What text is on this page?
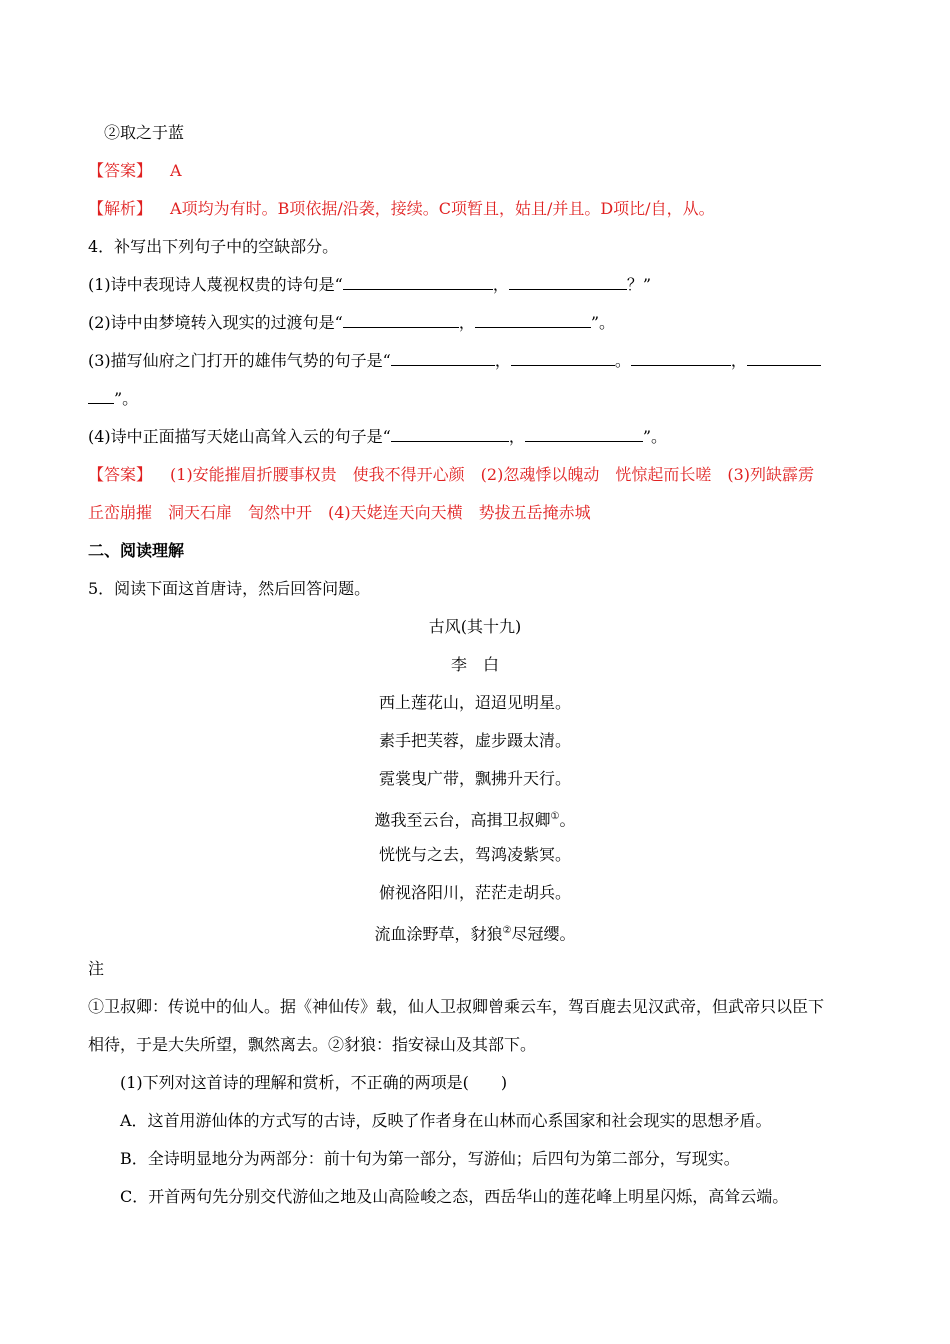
②取之于蓝
【答案】 A
【解析】 A项均为有时。B项依据/沿袭，接续。C项暂且，姑且/并且。D项比/自，从。
4．补写出下列句子中的空缺部分。
(1)诗中表现诗人蔑视权贵的诗句是“	，	？”
(2)诗中由梦境转入现实的过渡句是“	，	”。
(3)描写仙府之门打开的雄伟气势的句子是“	，	。	，
”。
(4)诗中正面描写天姥山高耸入云的句子是“	，	”。
【答案】 (1)安能摧眉折腰事权贵　使我不得开心颜　(2)忽魂悸以魄动　恍惊起而长嗟　(3)列缺霹雳
丘峦崩摧　洞天石扉　訇然中开　(4)天姥连天向天横　势拔五岳掩赤城
二、阅读理解
5．阅读下面这首唐诗，然后回答问题。
古风(其十九)
李　白
西上莲花山，迢迢见明星。
素手把芙蓉，虚步蹑太清。
霓裳曳广带，飘拂升天行。
邀我至云台，高揖卫叔卿①。
恍恍与之去，驾鸿凌紫冥。
俯视洛阳川，茫茫走胡兵。
流血涂野草，豺狼②尽冠缨。
注
①卫叔卿：传说中的仙人。据《神仙传》载，仙人卫叔卿曾乘云车，驾百鹿去见汉武帝，但武帝只以臣下
相待，于是大失所望，飘然离去。②豺狼：指安禄山及其部下。
(1)下列对这首诗的理解和赏析，不正确的两项是(　　)
A．这首用游仙体的方式写的古诗，反映了作者身在山林而心系国家和社会现实的思想矛盾。
B．全诗明显地分为两部分：前十句为第一部分，写游仙；后四句为第二部分，写现实。
C．开首两句先分别交代游仙之地及山高险峻之态，西岳华山的莲花峰上明星闪烁，高耸云端。
